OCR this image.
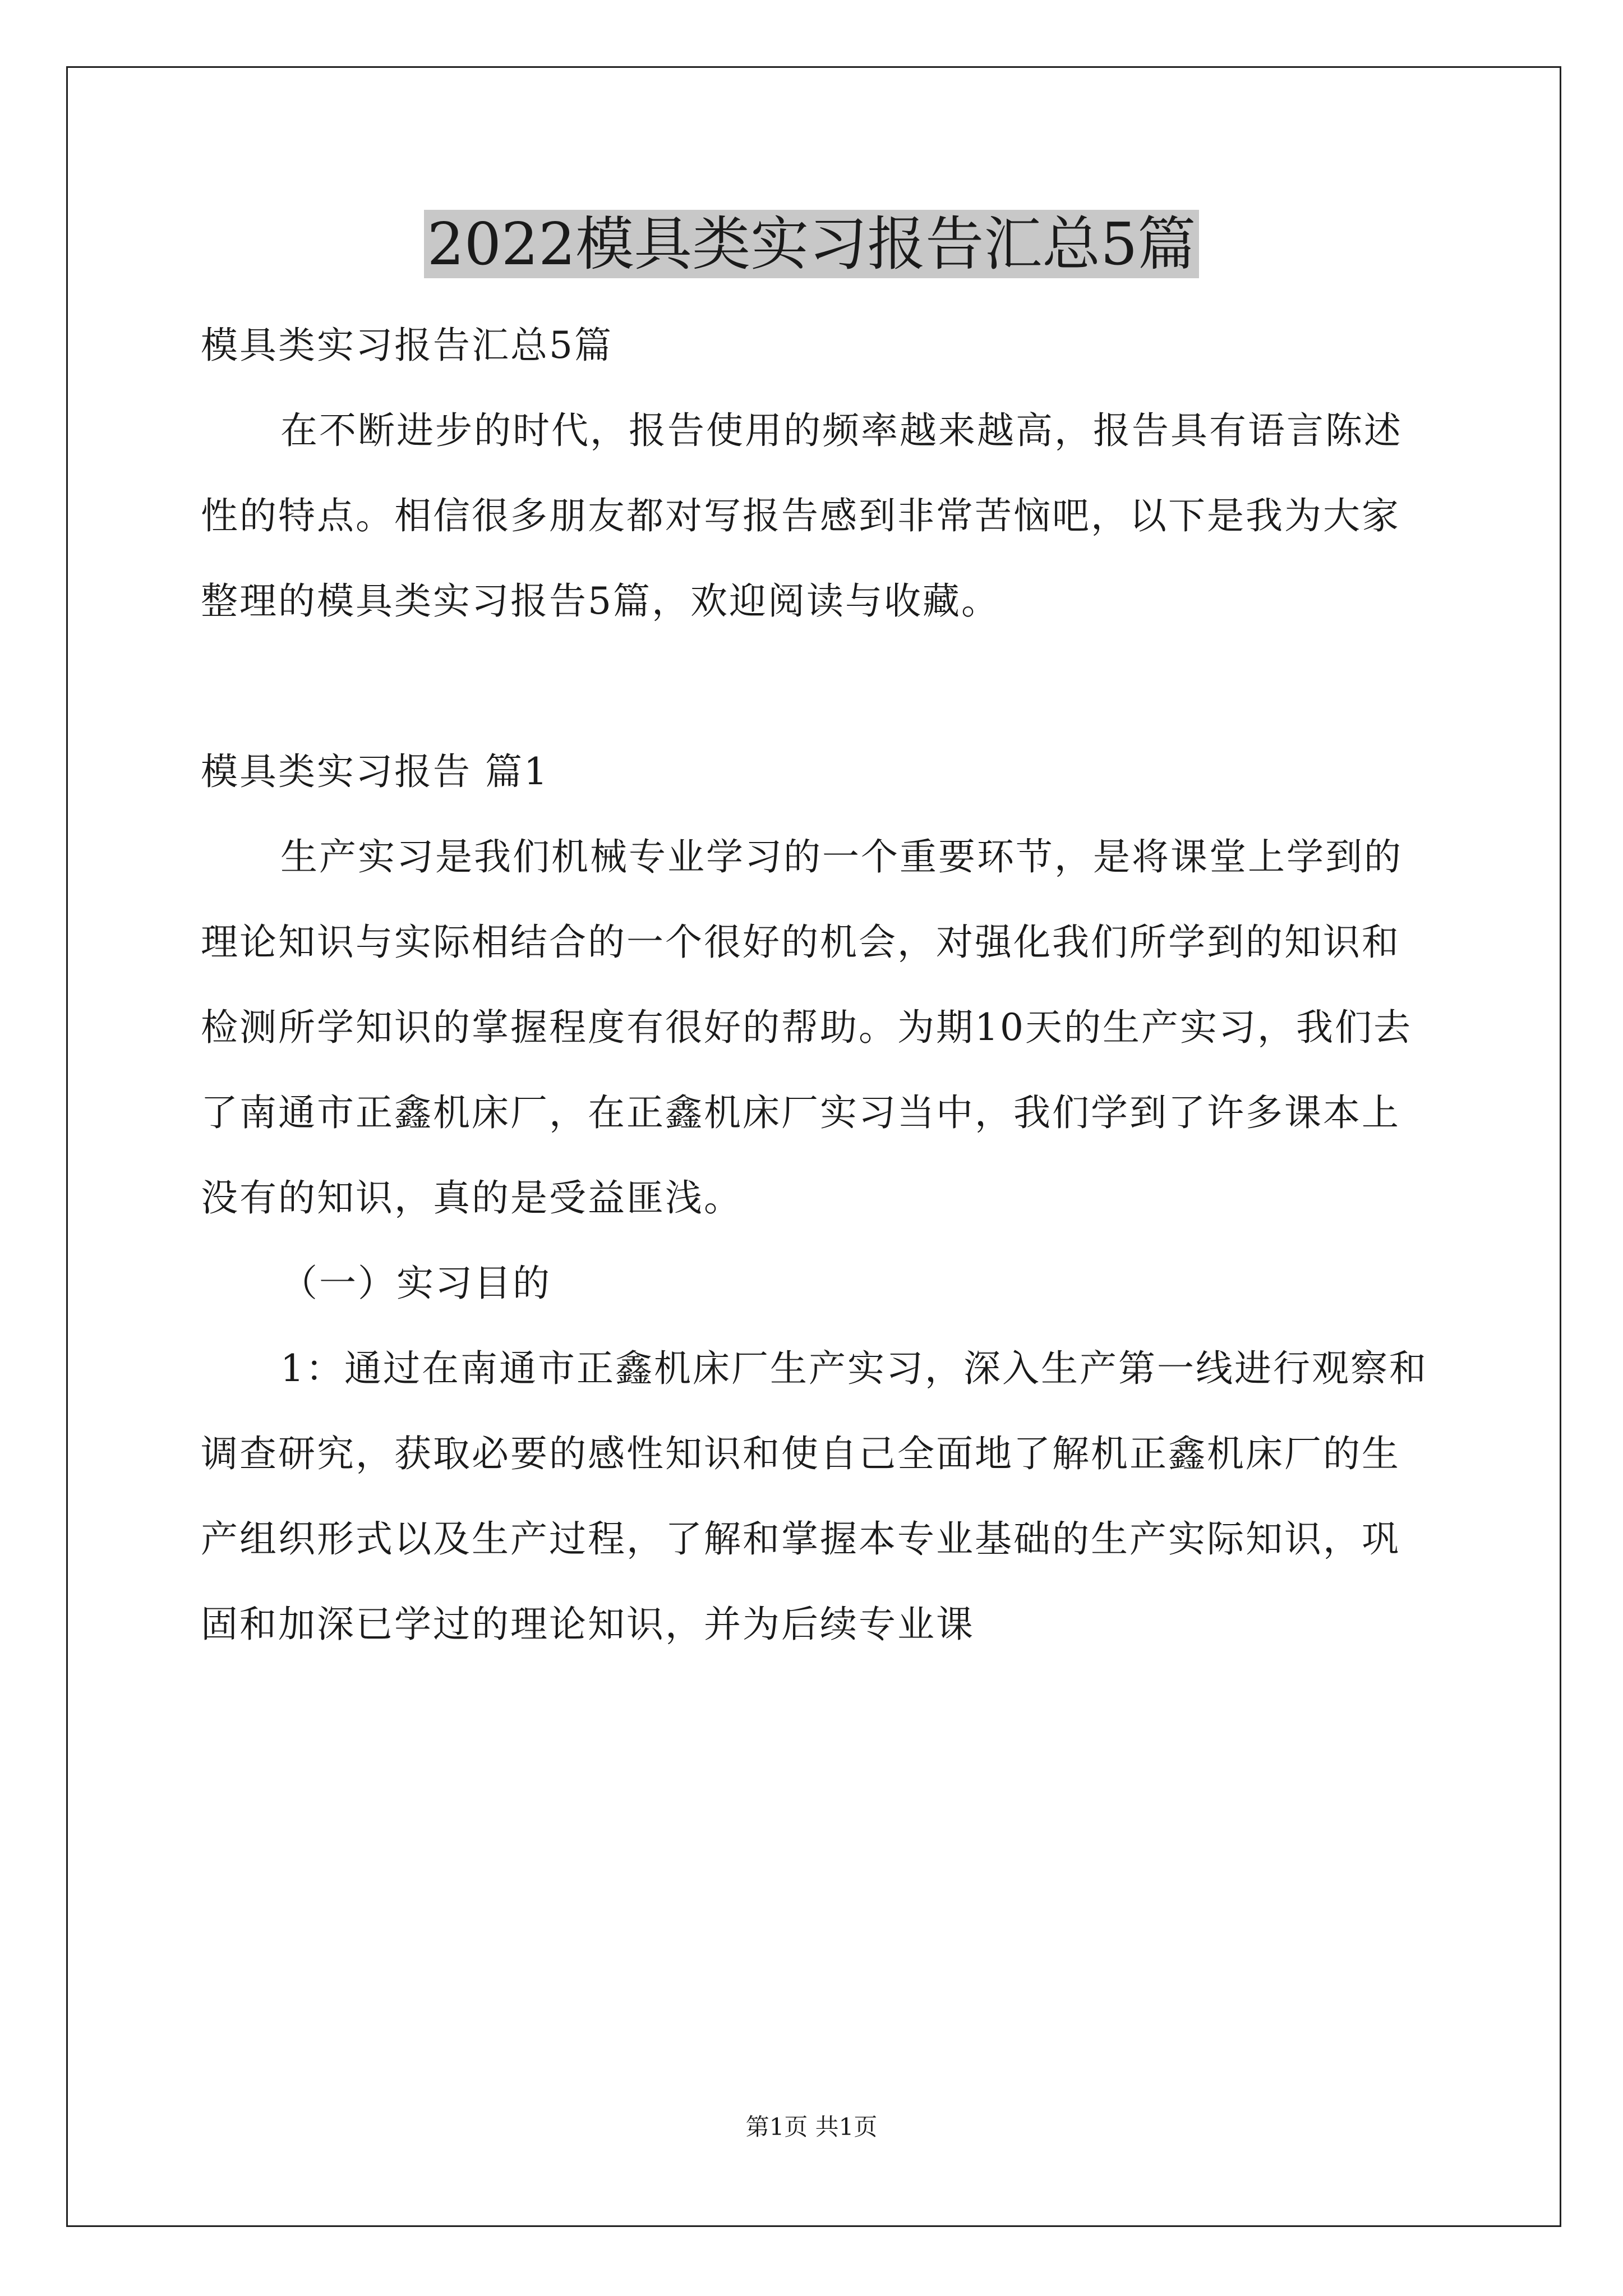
2022模具类实习报告汇总5篇

模具类实习报告汇总5篇

在不断进步的时代，报告使用的频率越来越高，报告具有语言陈述性的特点。相信很多朋友都对写报告感到非常苦恼吧，以下是我为大家整理的模具类实习报告5篇，欢迎阅读与收藏。

模具类实习报告 篇1

生产实习是我们机械专业学习的一个重要环节，是将课堂上学到的理论知识与实际相结合的一个很好的机会，对强化我们所学到的知识和检测所学知识的掌握程度有很好的帮助。为期10天的生产实习，我们去了南通市正鑫机床厂，在正鑫机床厂实习当中，我们学到了许多课本上没有的知识，真的是受益匪浅。

（一）实习目的

1：通过在南通市正鑫机床厂生产实习，深入生产第一线进行观察和调查研究，获取必要的感性知识和使自己全面地了解机正鑫机床厂的生产组织形式以及生产过程，了解和掌握本专业基础的生产实际知识，巩固和加深已学过的理论知识，并为后续专业课

第1页 共1页
